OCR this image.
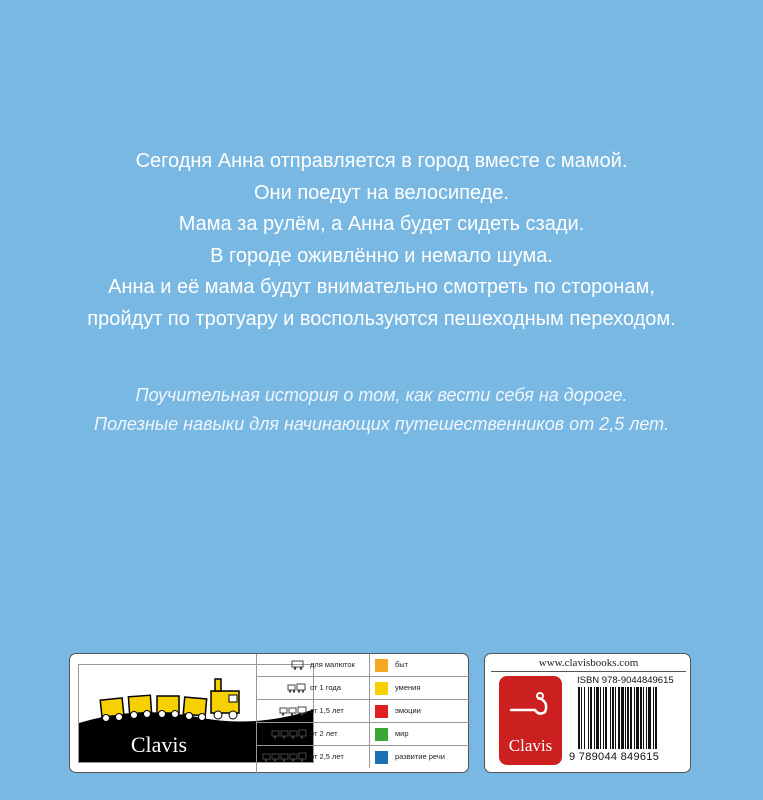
Сегодня Анна отправляется в город вместе с мамой.
Они поедут на велосипеде.
Мама за рулём, а Анна будет сидеть сзади.
В городе оживлённо и немало шума.
Анна и её мама будут внимательно смотреть по сторонам,
пройдут по тротуару и воспользуются пешеходным переходом.
Поучительная история о том, как вести себя на дороге.
Полезные навыки для начинающих путешественников от 2,5 лет.
Clavis
для малюток	быт
от 1 года	умения
от 1,5 лет	эмоции
от 2 лет	мир
от 2,5 лет	развитие речи
www.clavisbooks.com
Clavis
ISBN 978-9044849615
9 789044 849615
